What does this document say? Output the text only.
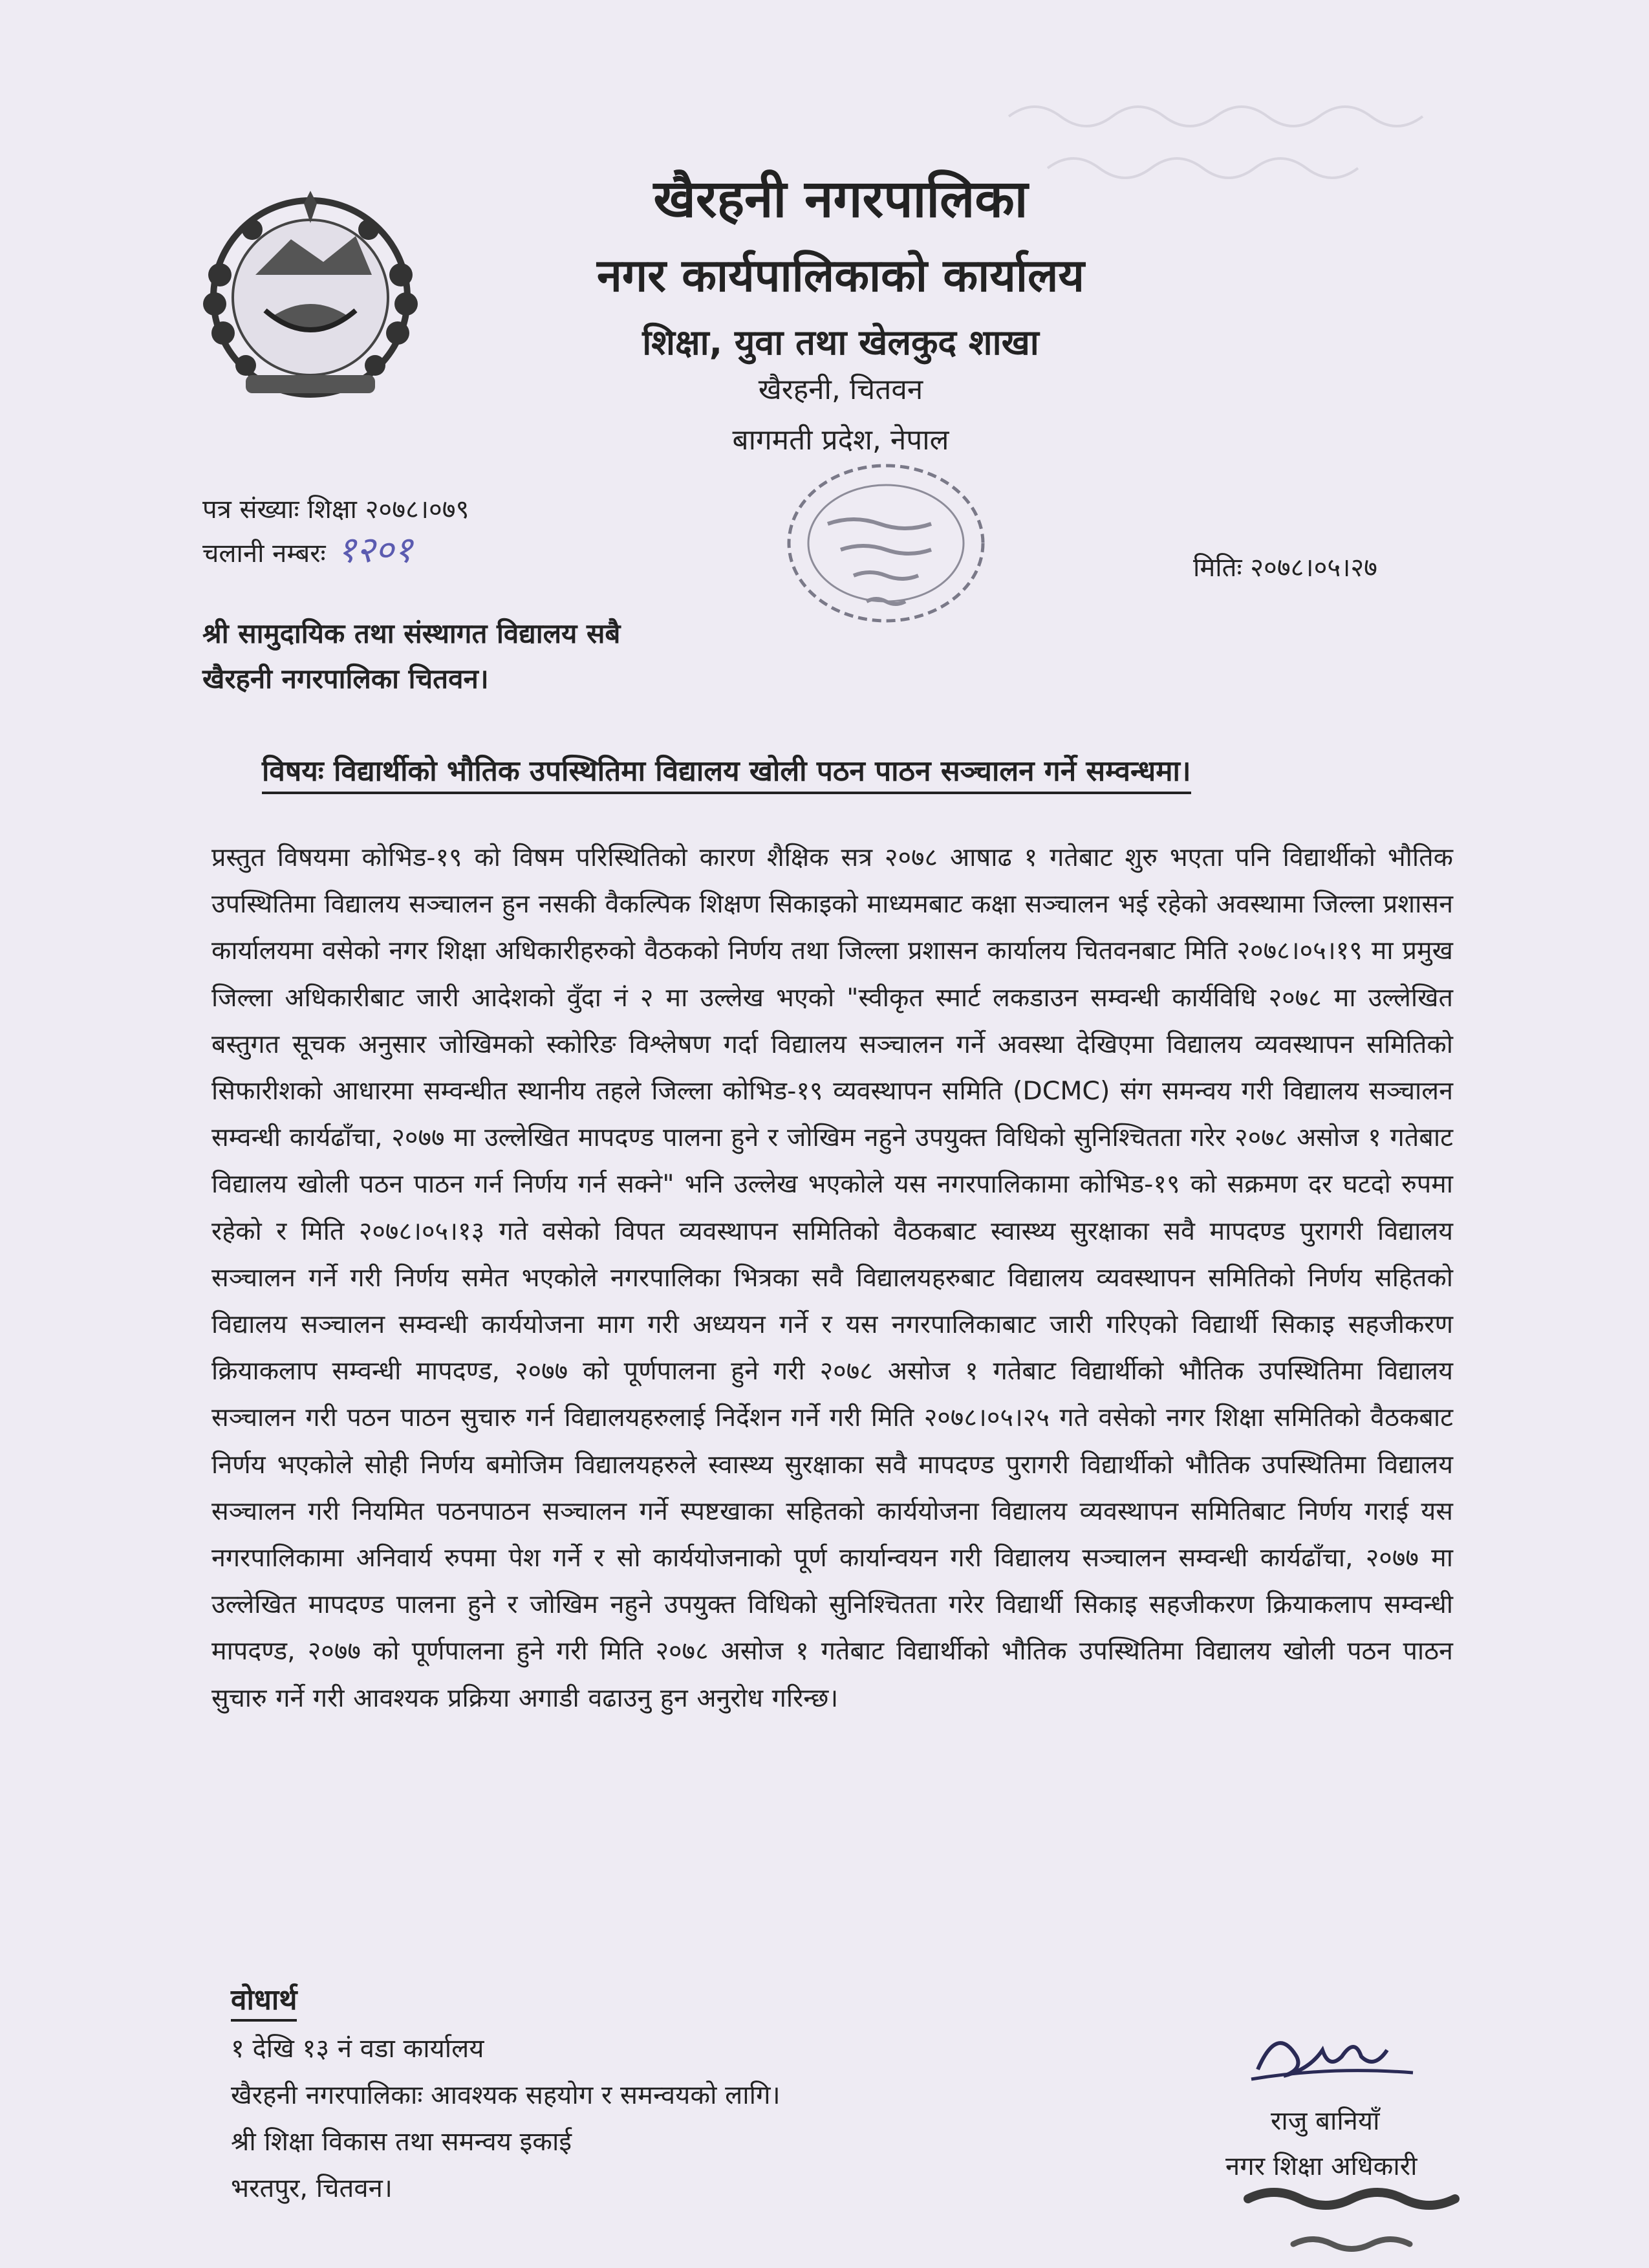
खैरहनी नगरपालिका
नगर कार्यपालिकाको कार्यालय
शिक्षा, युवा तथा खेलकुद शाखा
खैरहनी, चितवन
बागमती प्रदेश, नेपाल
पत्र संख्याः शिक्षा २०७८।०७९
चलानी नम्बरः १२०१	मितिः २०७८।०५।२७
श्री सामुदायिक तथा संस्थागत विद्यालय सबै
खैरहनी नगरपालिका चितवन।
विषयः विद्यार्थीको भौतिक उपस्थितिमा विद्यालय खोली पठन पाठन सञ्चालन गर्ने सम्वन्धमा।
प्रस्तुत विषयमा कोभिड-१९ को विषम परिस्थितिको कारण शैक्षिक सत्र २०७८ आषाढ १ गतेबाट शुरु भएता पनि विद्यार्थीको भौतिक उपस्थितिमा विद्यालय सञ्चालन हुन नसकी वैकल्पिक शिक्षण सिकाइको माध्यमबाट कक्षा सञ्चालन भई रहेको अवस्थामा जिल्ला प्रशासन कार्यालयमा वसेको नगर शिक्षा अधिकारीहरुको वैठकको निर्णय तथा जिल्ला प्रशासन कार्यालय चितवनबाट मिति २०७८।०५।१९ मा प्रमुख जिल्ला अधिकारीबाट जारी आदेशको वुँदा नं २ मा उल्लेख भएको "स्वीकृत स्मार्ट लकडाउन सम्वन्धी कार्यविधि २०७८ मा उल्लेखित बस्तुगत सूचक अनुसार जोखिमको स्कोरिङ विश्लेषण गर्दा विद्यालय सञ्चालन गर्ने अवस्था देखिएमा विद्यालय व्यवस्थापन समितिको सिफारीशको आधारमा सम्वन्धीत स्थानीय तहले जिल्ला कोभिड-१९ व्यवस्थापन समिति (DCMC) संग समन्वय गरी विद्यालय सञ्चालन सम्वन्धी कार्यढाँचा, २०७७ मा उल्लेखित मापदण्ड पालना हुने र जोखिम नहुने उपयुक्त विधिको सुनिश्चितता गरेर २०७८ असोज १ गतेबाट विद्यालय खोली पठन पाठन गर्न निर्णय गर्न सक्ने" भनि उल्लेख भएकोले यस नगरपालिकामा कोभिड-१९ को सक्रमण दर घटदो रुपमा रहेको र मिति २०७८।०५।१३ गते वसेको विपत व्यवस्थापन समितिको वैठकबाट स्वास्थ्य सुरक्षाका सवै मापदण्ड पुरागरी विद्यालय सञ्चालन गर्ने गरी निर्णय समेत भएकोले नगरपालिका भित्रका सवै विद्यालयहरुबाट विद्यालय व्यवस्थापन समितिको निर्णय सहितको विद्यालय सञ्चालन सम्वन्धी कार्ययोजना माग गरी अध्ययन गर्ने र यस नगरपालिकाबाट जारी गरिएको विद्यार्थी सिकाइ सहजीकरण क्रियाकलाप सम्वन्धी मापदण्ड, २०७७ को पूर्णपालना हुने गरी २०७८ असोज १ गतेबाट विद्यार्थीको भौतिक उपस्थितिमा विद्यालय सञ्चालन गरी पठन पाठन सुचारु गर्न विद्यालयहरुलाई निर्देशन गर्ने गरी मिति २०७८।०५।२५ गते वसेको नगर शिक्षा समितिको वैठकबाट निर्णय भएकोले सोही निर्णय बमोजिम विद्यालयहरुले स्वास्थ्य सुरक्षाका सवै मापदण्ड पुरागरी विद्यार्थीको भौतिक उपस्थितिमा विद्यालय सञ्चालन गरी नियमित पठनपाठन सञ्चालन गर्ने स्पष्टखाका सहितको कार्ययोजना विद्यालय व्यवस्थापन समितिबाट निर्णय गराई यस नगरपालिकामा अनिवार्य रुपमा पेश गर्ने र सो कार्ययोजनाको पूर्ण कार्यान्वयन गरी विद्यालय सञ्चालन सम्वन्धी कार्यढाँचा, २०७७ मा उल्लेखित मापदण्ड पालना हुने र जोखिम नहुने उपयुक्त विधिको सुनिश्चितता गरेर विद्यार्थी सिकाइ सहजीकरण क्रियाकलाप सम्वन्धी मापदण्ड, २०७७ को पूर्णपालना हुने गरी मिति २०७८ असोज १ गतेबाट विद्यार्थीको भौतिक उपस्थितिमा विद्यालय खोली पठन पाठन सुचारु गर्ने गरी आवश्यक प्रक्रिया अगाडी वढाउनु हुन अनुरोध गरिन्छ।
वोधार्थ
१ देखि १३ नं वडा कार्यालय
खैरहनी नगरपालिकाः आवश्यक सहयोग र समन्वयको लागि।
श्री शिक्षा विकास तथा समन्वय इकाई
भरतपुर, चितवन।
राजु बानियाँ
नगर शिक्षा अधिकारी
